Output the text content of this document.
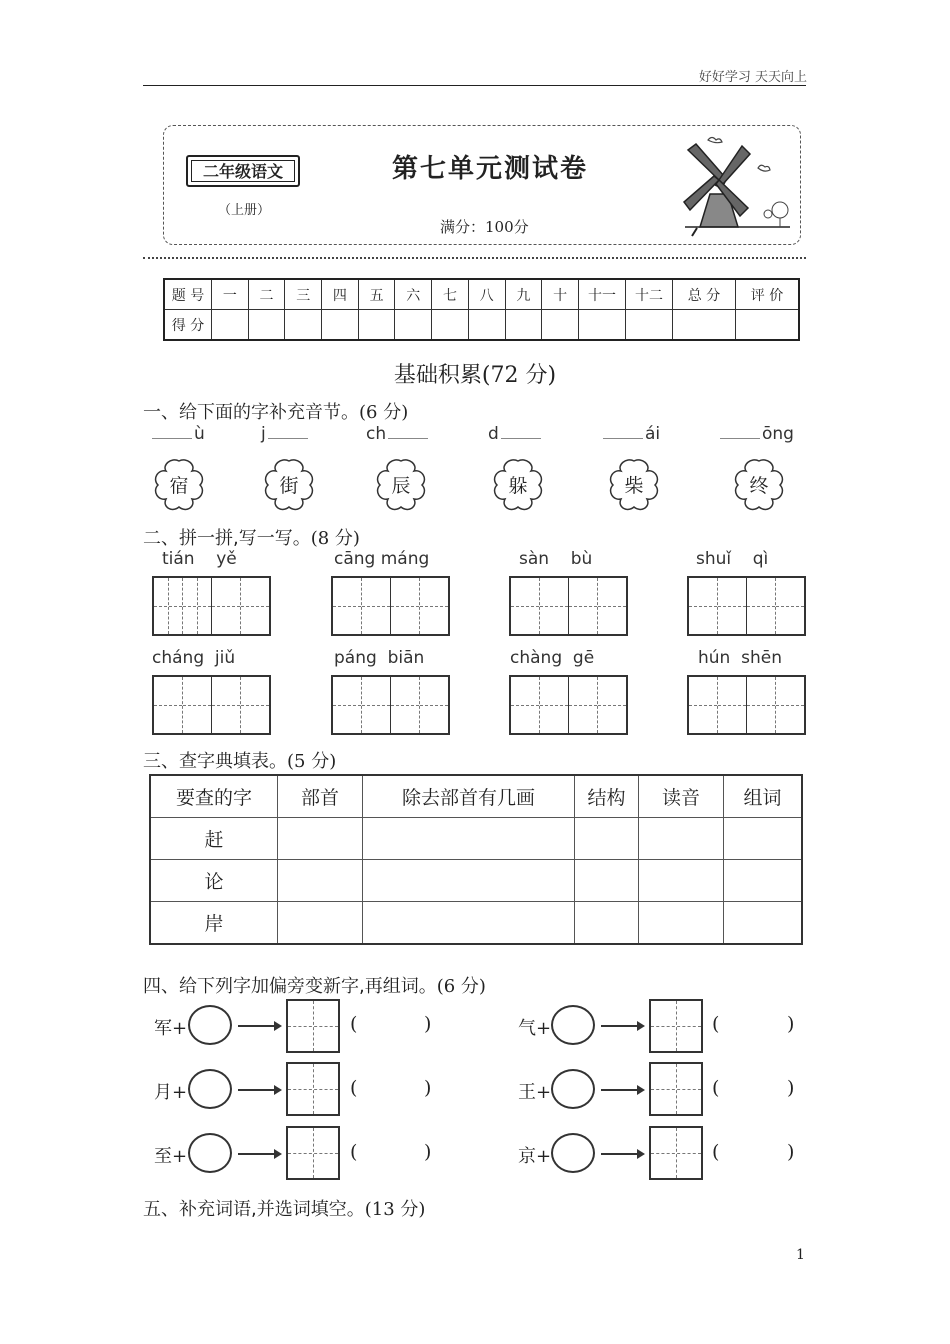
好好学习 天天向上
二年级语文
（上册）
第七单元测试卷
满分：100分
题 号	一	二	三	四	五	六	七	八	九	十	十一	十二	总 分	评 价
得 分														
基础积累(72 分)
一、给下面的字补充音节。(6 分)
ù	j	ch	d	ái	ōng
宿	街	辰	躲	柴	终
二、拼一拼,写一写。(8 分)
tián yě	cāng máng	sàn bù	shuǐ qì
cháng jiǔ	páng biān	chàng gē	hún shēn
三、查字典填表。(5 分)
要查的字	部首	除去部首有几画	结构	读音	组词
赶					
论					
岸					
四、给下列字加偏旁变新字,再组词。(6 分)
军+	(	)	气+	(	)
月+	(	)	王+	(	)
至+	(	)	京+	(	)
五、补充词语,并选词填空。(13 分)
1
